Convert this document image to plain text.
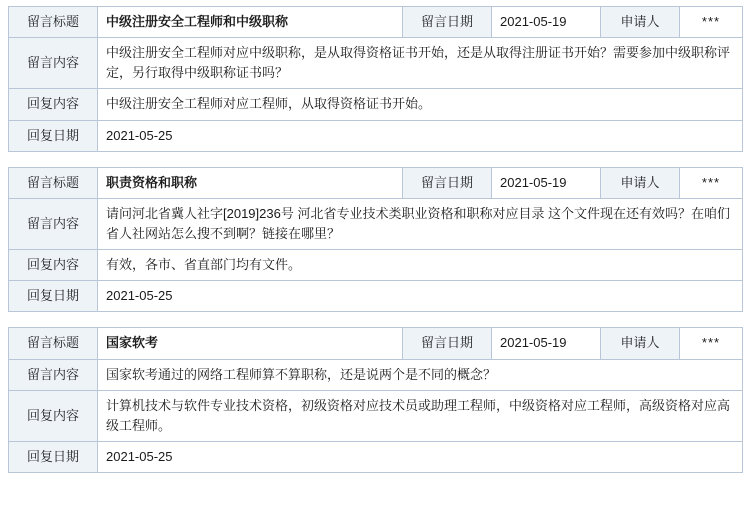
留言标题	中级注册安全工程师和中级职称	留言日期	2021-05-19	申请人	***
留言内容	中级注册安全工程师对应中级职称，是从取得资格证书开始，还是从取得注册证书开始？需要参加中级职称评定，另行取得中级职称证书吗？				
回复内容	中级注册安全工程师对应工程师，从取得资格证书开始。				
回复日期	2021-05-25				
留言标题	职责资格和职称	留言日期	2021-05-19	申请人	***
留言内容	请问河北省冀人社字[2019]236号 河北省专业技术类职业资格和职称对应目录 这个文件现在还有效吗？在咱们省人社网站怎么搜不到啊？链接在哪里？				
回复内容	有效，各市、省直部门均有文件。				
回复日期	2021-05-25				
留言标题	国家软考	留言日期	2021-05-19	申请人	***
留言内容	国家软考通过的网络工程师算不算职称，还是说两个是不同的概念？				
回复内容	计算机技术与软件专业技术资格，初级资格对应技术员或助理工程师，中级资格对应工程师，高级资格对应高级工程师。				
回复日期	2021-05-25				
